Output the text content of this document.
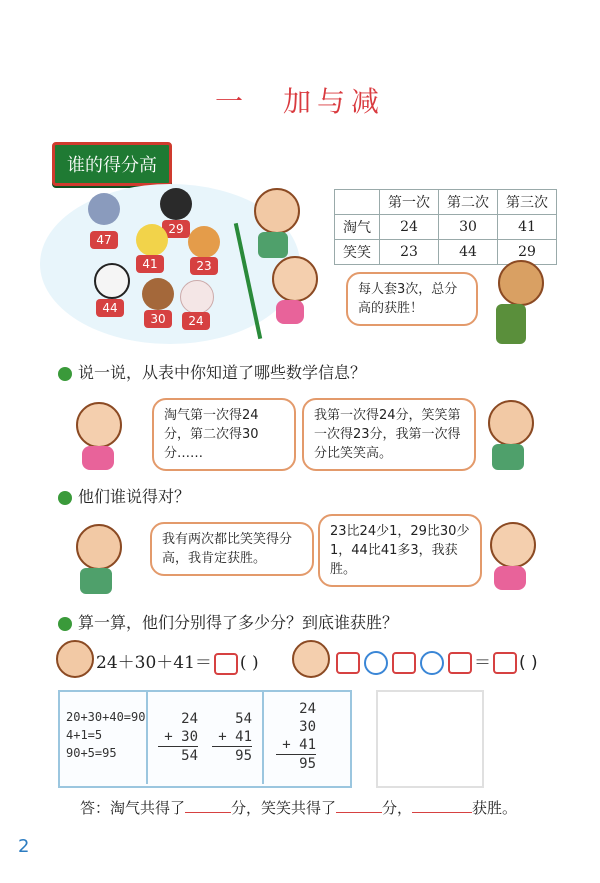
一　加与减
谁的得分高
47
29
41	23
44
30	24
	第一次	第二次	第三次
淘气	24	30	41
笑笑	23	44	29
每人套3次，总分高的获胜！
说一说，从表中你知道了哪些数学信息？
淘气第一次得24分，第二次得30分……
我第一次得24分，笑笑第一次得23分，我第一次得分比笑笑高。
他们谁说得对？
我有两次都比笑笑得分高，我肯定获胜。
23比24少1，29比30少1，44比41多3，我获胜。
算一算，他们分别得了多少分？到底谁获胜？
24＋30＋41＝ ( )	＝ ( )
20+30+40=90
4+1=5
90+5=95
24
+ 30
54
54
+ 41
95
24
30
+ 41
95
答：淘气共得了	分，笑笑共得了	分，	获胜。
2
